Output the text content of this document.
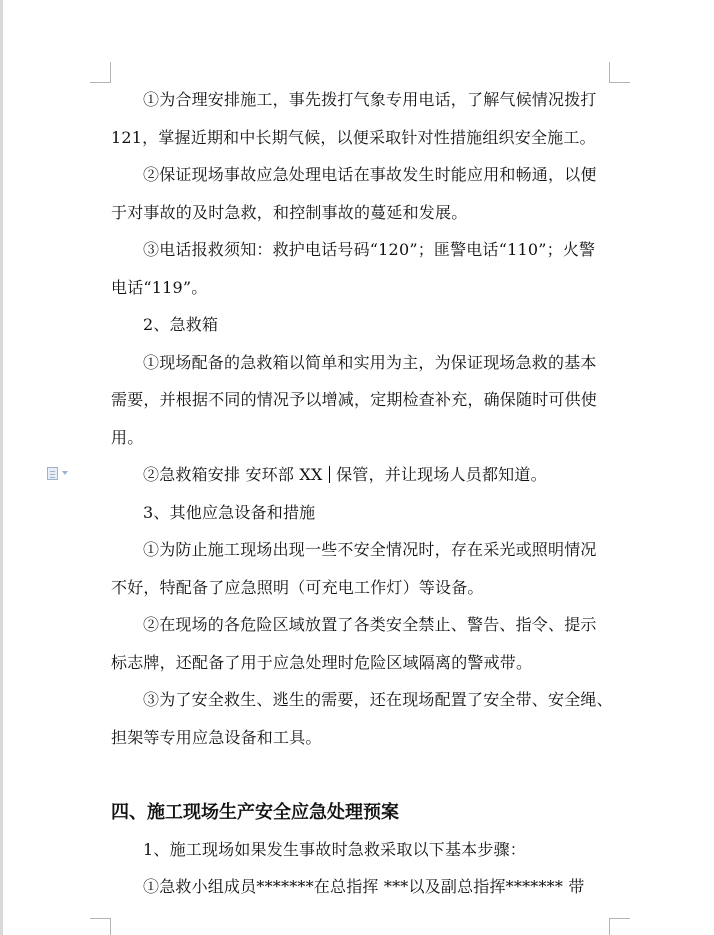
①为合理安排施工，事先拨打气象专用电话，了解气候情况拨打
121，掌握近期和中长期气候，以便采取针对性措施组织安全施工。
②保证现场事故应急处理电话在事故发生时能应用和畅通，以便
于对事故的及时急救，和控制事故的蔓延和发展。
③电话报救须知：救护电话号码“120”；匪警电话“110”；火警
电话“119”。
2、急救箱
①现场配备的急救箱以简单和实用为主，为保证现场急救的基本
需要，并根据不同的情况予以增减，定期检查补充，确保随时可供使
用。
②急救箱安排 安环部 XX 保管，并让现场人员都知道。
3、其他应急设备和措施
①为防止施工现场出现一些不安全情况时，存在采光或照明情况
不好，特配备了应急照明（可充电工作灯）等设备。
②在现场的各危险区域放置了各类安全禁止、警告、指令、提示
标志牌，还配备了用于应急处理时危险区域隔离的警戒带。
③为了安全救生、逃生的需要，还在现场配置了安全带、安全绳、
担架等专用应急设备和工具。
四、施工现场生产安全应急处理预案
1、施工现场如果发生事故时急救采取以下基本步骤：
①急救小组成员*******在总指挥 ***以及副总指挥******* 带
